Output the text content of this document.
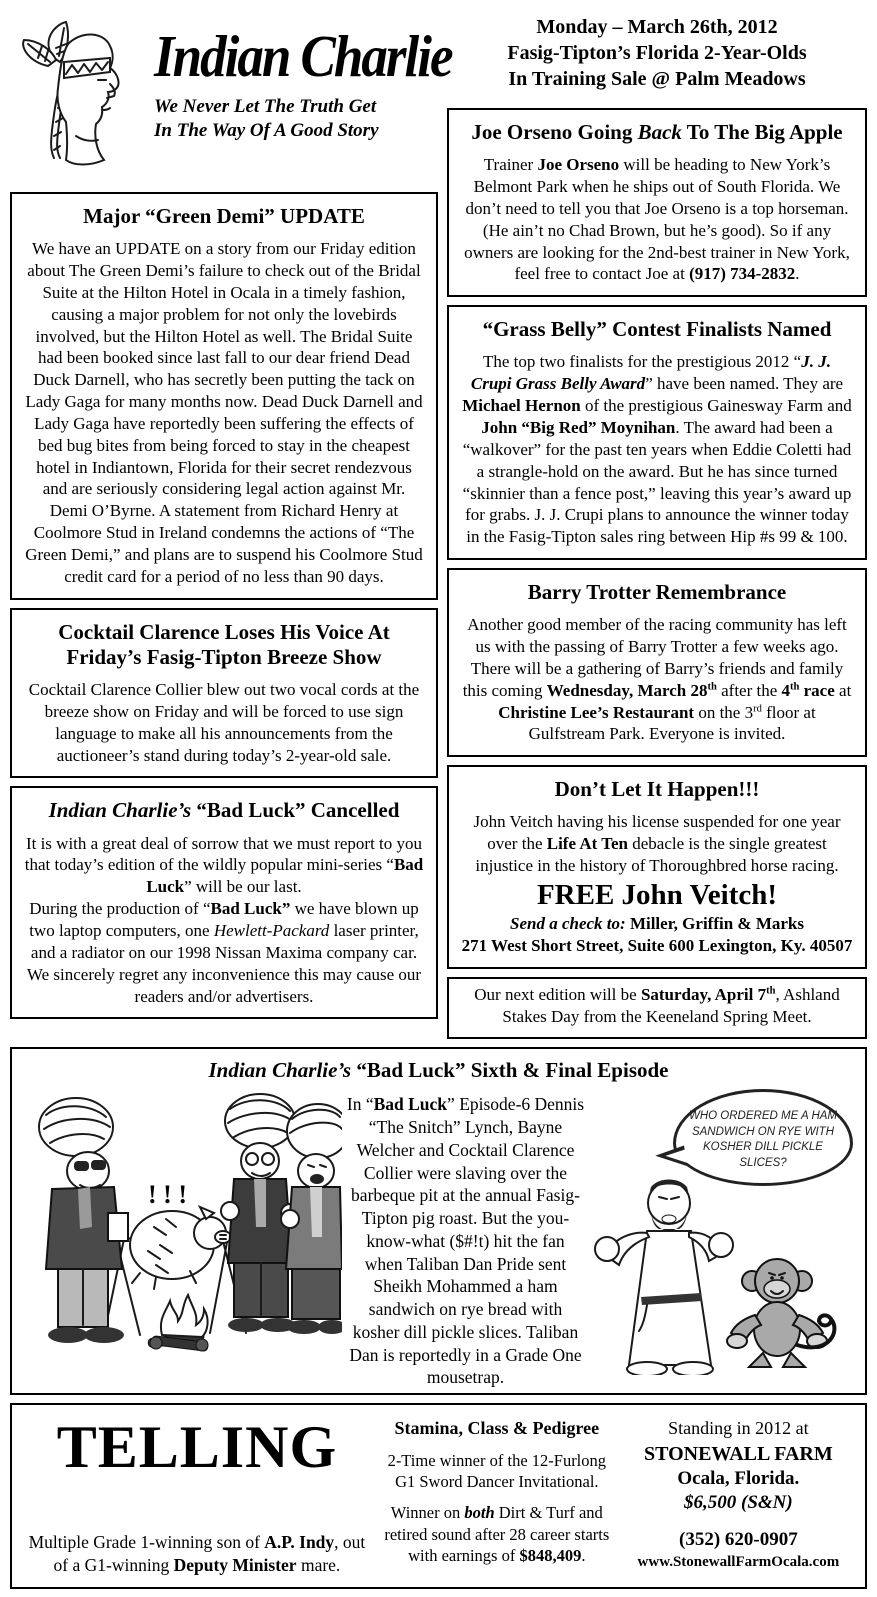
Indian Charlie
We Never Let The Truth Get
In The Way Of A Good Story
Major “Green Demi” UPDATE

We have an UPDATE on a story from our Friday edition about The Green Demi’s failure to check out of the Bridal Suite at the Hilton Hotel in Ocala in a timely fashion, causing a major problem for not only the lovebirds involved, but the Hilton Hotel as well. The Bridal Suite had been booked since last fall to our dear friend Dead Duck Darnell, who has secretly been putting the tack on Lady Gaga for many months now. Dead Duck Darnell and Lady Gaga have reportedly been suffering the effects of bed bug bites from being forced to stay in the cheapest hotel in Indiantown, Florida for their secret rendezvous and are seriously considering legal action against Mr. Demi O’Byrne. A statement from Richard Henry at Coolmore Stud in Ireland condemns the actions of “The Green Demi,” and plans are to suspend his Coolmore Stud credit card for a period of no less than 90 days.

Cocktail Clarence Loses His Voice At
Friday’s Fasig-Tipton Breeze Show

Cocktail Clarence Collier blew out two vocal cords at the breeze show on Friday and will be forced to use sign language to make all his announcements from the auctioneer’s stand during today’s 2-year-old sale.

Indian Charlie’s “Bad Luck” Cancelled

It is with a great deal of sorrow that we must report to you that today’s edition of the wildly popular mini-series “Bad Luck” will be our last.
During the production of “Bad Luck” we have blown up two laptop computers, one Hewlett-Packard laser printer, and a radiator on our 1998 Nissan Maxima company car. We sincerely regret any inconvenience this may cause our readers and/or advertisers.

Monday – March 26th, 2012
Fasig-Tipton’s Florida 2-Year-Olds
In Training Sale @ Palm Meadows
Joe Orseno Going Back To The Big Apple

Trainer Joe Orseno will be heading to New York’s Belmont Park when he ships out of South Florida. We don’t need to tell you that Joe Orseno is a top horseman. (He ain’t no Chad Brown, but he’s good). So if any owners are looking for the 2nd-best trainer in New York, feel free to contact Joe at (917) 734-2832.

“Grass Belly” Contest Finalists Named

The top two finalists for the prestigious 2012 “J. J. Crupi Grass Belly Award” have been named. They are Michael Hernon of the prestigious Gainesway Farm and John “Big Red” Moynihan. The award had been a “walkover” for the past ten years when Eddie Coletti had a strangle-hold on the award. But he has since turned “skinnier than a fence post,” leaving this year’s award up for grabs. J. J. Crupi plans to announce the winner today in the Fasig-Tipton sales ring between Hip #s 99 & 100.

Barry Trotter Remembrance

Another good member of the racing community has left us with the passing of Barry Trotter a few weeks ago. There will be a gathering of Barry’s friends and family this coming Wednesday, March 28th after the 4th race at Christine Lee’s Restaurant on the 3rd floor at Gulfstream Park. Everyone is invited.

Don’t Let It Happen!!!

John Veitch having his license suspended for one year over the Life At Ten debacle is the single greatest injustice in the history of Thoroughbred horse racing.

FREE John Veitch!

Send a check to: Miller, Griffin & Marks

271 West Short Street, Suite 600 Lexington, Ky. 40507

Our next edition will be Saturday, April 7th, Ashland Stakes Day from the Keeneland Spring Meet.

Indian Charlie’s “Bad Luck” Sixth & Final Episode
! ! !
In “Bad Luck” Episode-6 Dennis “The Snitch” Lynch, Bayne Welcher and Cocktail Clarence Collier were slaving over the barbeque pit at the annual Fasig-Tipton pig roast. But the you-know-what ($#!t) hit the fan when Taliban Dan Pride sent Sheikh Mohammed a ham sandwich on rye bread with kosher dill pickle slices. Taliban Dan is reportedly in a Grade One mousetrap.
WHO ORDERED ME A HAM SANDWICH ON RYE WITH KOSHER DILL PICKLE SLICES?
TELLING
Multiple Grade 1-winning son of A.P. Indy, out of a G1-winning Deputy Minister mare.
Stamina, Class & Pedigree

2-Time winner of the 12-Furlong G1 Sword Dancer Invitational.

Winner on both Dirt & Turf and retired sound after 28 career starts with earnings of $848,409.

Standing in 2012 at
STONEWALL FARM
Ocala, Florida.
$6,500 (S&N)
(352) 620-0907
www.StonewallFarmOcala.com
